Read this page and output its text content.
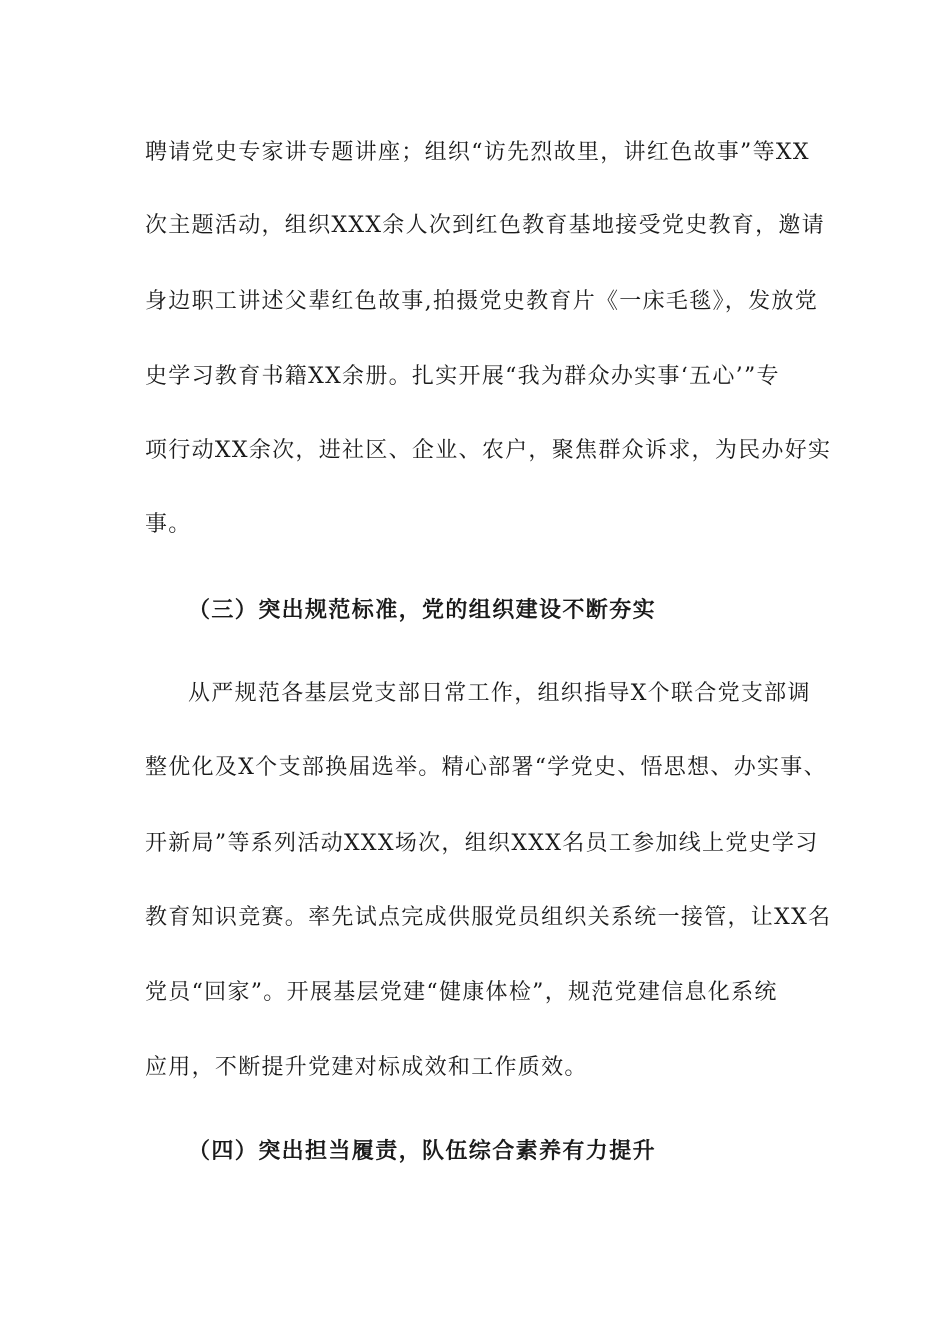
聘请党史专家讲专题讲座；组织“访先烈故里，讲红色故事”等XX
次主题活动，组织XXX余人次到红色教育基地接受党史教育，邀请
身边职工讲述父辈红色故事,拍摄党史教育片《一床毛毯》，发放党
史学习教育书籍XX余册。扎实开展“我为群众办实事‘五心’”专
项行动XX余次，进社区、企业、农户，聚焦群众诉求，为民办好实
事。
（三）突出规范标准，党的组织建设不断夯实
从严规范各基层党支部日常工作，组织指导X个联合党支部调
整优化及X个支部换届选举。精心部署“学党史、悟思想、办实事、
开新局”等系列活动XXX场次，组织XXX名员工参加线上党史学习
教育知识竞赛。率先试点完成供服党员组织关系统一接管，让XX名
党员“回家”。开展基层党建“健康体检”，规范党建信息化系统
应用，不断提升党建对标成效和工作质效。
（四）突出担当履责，队伍综合素养有力提升
